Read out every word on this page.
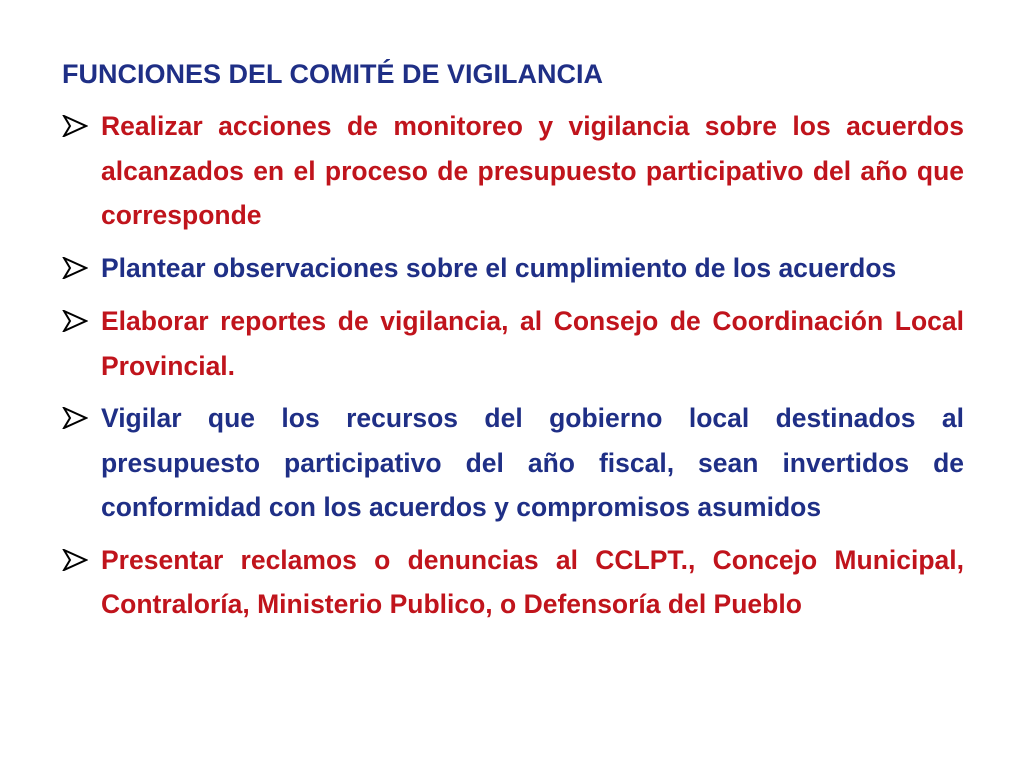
FUNCIONES DEL COMITÉ DE VIGILANCIA
Realizar acciones de monitoreo y vigilancia sobre los acuerdos alcanzados en el proceso de presupuesto participativo del año que corresponde
Plantear observaciones sobre el cumplimiento de los acuerdos
Elaborar reportes de vigilancia, al Consejo de Coordinación Local Provincial.
Vigilar que los recursos del gobierno local destinados al presupuesto participativo del año fiscal, sean invertidos de conformidad con los acuerdos y compromisos asumidos
Presentar reclamos o denuncias al CCLPT., Concejo Municipal, Contraloría, Ministerio Publico, o Defensoría del Pueblo
